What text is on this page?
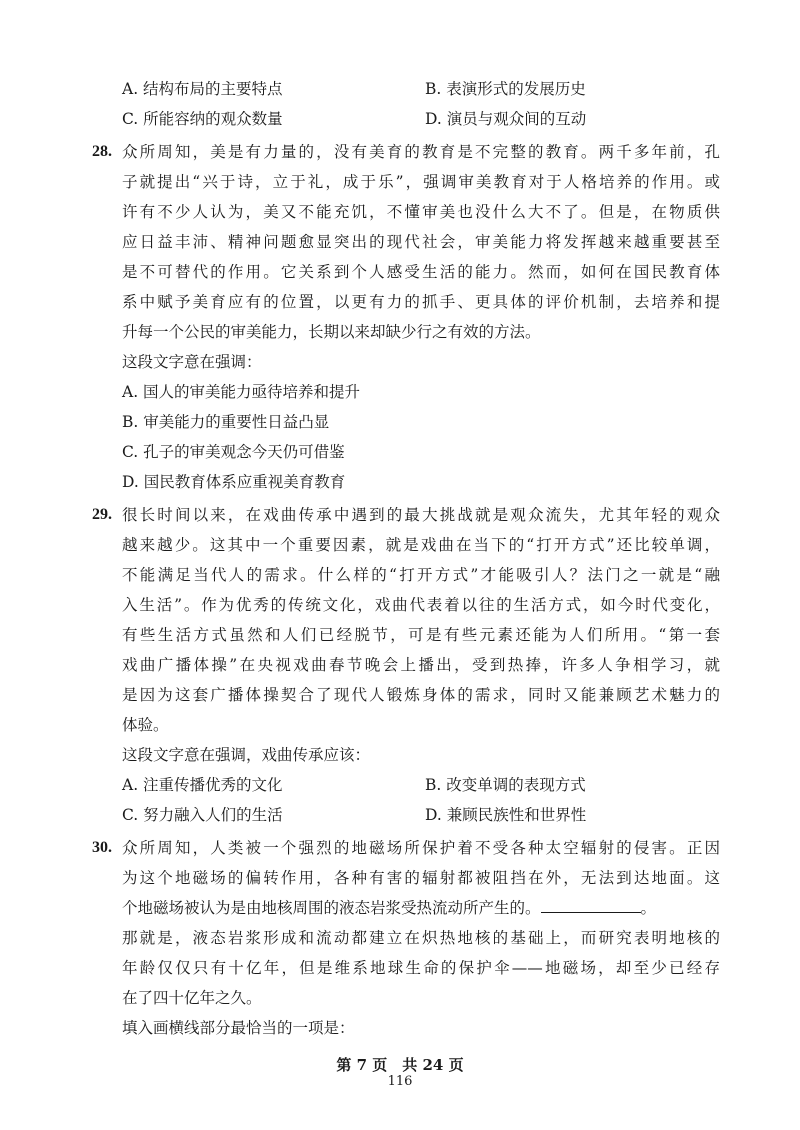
A. 结构布局的主要特点	B. 表演形式的发展历史
C. 所能容纳的观众数量	D. 演员与观众间的互动
28. 众所周知，美是有力量的，没有美育的教育是不完整的教育。两千多年前，孔
子就提出“兴于诗，立于礼，成于乐”，强调审美教育对于人格培养的作用。或
许有不少人认为，美又不能充饥，不懂审美也没什么大不了。但是，在物质供
应日益丰沛、精神问题愈显突出的现代社会，审美能力将发挥越来越重要甚至
是不可替代的作用。它关系到个人感受生活的能力。然而，如何在国民教育体
系中赋予美育应有的位置，以更有力的抓手、更具体的评价机制，去培养和提
升每一个公民的审美能力，长期以来却缺少行之有效的方法。
这段文字意在强调：
A. 国人的审美能力亟待培养和提升
B. 审美能力的重要性日益凸显
C. 孔子的审美观念今天仍可借鉴
D. 国民教育体系应重视美育教育
29. 很长时间以来，在戏曲传承中遇到的最大挑战就是观众流失，尤其年轻的观众
越来越少。这其中一个重要因素，就是戏曲在当下的“打开方式”还比较单调，
不能满足当代人的需求。什么样的“打开方式”才能吸引人？法门之一就是“融
入生活”。作为优秀的传统文化，戏曲代表着以往的生活方式，如今时代变化，
有些生活方式虽然和人们已经脱节，可是有些元素还能为人们所用。“第一套
戏曲广播体操”在央视戏曲春节晚会上播出，受到热捧，许多人争相学习，就
是因为这套广播体操契合了现代人锻炼身体的需求，同时又能兼顾艺术魅力的
体验。
这段文字意在强调，戏曲传承应该：
A. 注重传播优秀的文化	B. 改变单调的表现方式
C. 努力融入人们的生活	D. 兼顾民族性和世界性
30. 众所周知，人类被一个强烈的地磁场所保护着不受各种太空辐射的侵害。正因
为这个地磁场的偏转作用，各种有害的辐射都被阻挡在外，无法到达地面。这
个地磁场被认为是由地核周围的液态岩浆受热流动所产生的。	。
那就是，液态岩浆形成和流动都建立在炽热地核的基础上，而研究表明地核的
年龄仅仅只有十亿年，但是维系地球生命的保护伞——地磁场，却至少已经存
在了四十亿年之久。
填入画横线部分最恰当的一项是：
第 7 页　共 24 页
116
